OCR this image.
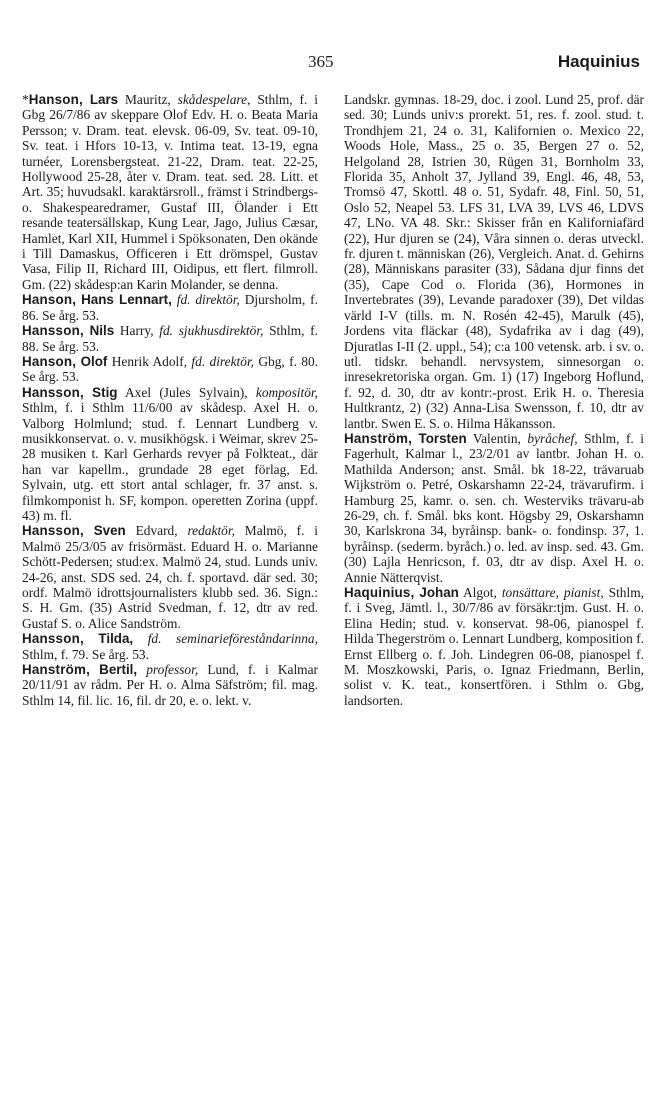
365	Haquinius

*Hanson, Lars Mauritz, skådespelare, Sthlm, f. i Gbg 26/7/86 av skeppare Olof Edv. H. o. Beata Maria Persson; v. Dram. teat. elevsk. 06-09, Sv. teat. 09-10, Sv. teat. i Hfors 10-13, v. Intima teat. 13-19, egna turnéer, Lorensbergsteat. 21-22, Dram. teat. 22-25, Hollywood 25-28, åter v. Dram. teat. sed. 28. Litt. et Art. 35; huvudsakl. karaktärsroll., främst i Strindbergs- o. Shakespearedramer, Gustaf III, Ölander i Ett resande teatersällskap, Kung Lear, Jago, Julius Cæsar, Hamlet, Karl XII, Hummel i Spöksonaten, Den okände i Till Damaskus, Officeren i Ett drömspel, Gustav Vasa, Filip II, Richard III, Oidipus, ett flert. filmroll. Gm. (22) skådesp:an Karin Molander, se denna.

Hanson, Hans Lennart, fd. direktör, Djursholm, f. 86. Se årg. 53.

Hansson, Nils Harry, fd. sjukhusdirektör, Sthlm, f. 88. Se årg. 53.

Hanson, Olof Henrik Adolf, fd. direktör, Gbg, f. 80. Se årg. 53.

Hansson, Stig Axel (Jules Sylvain), kompositör, Sthlm, f. i Sthlm 11/6/00 av skådesp. Axel H. o. Valborg Holmlund; stud. f. Lennart Lundberg v. musikkonservat. o. v. musikhögsk. i Weimar, skrev 25-28 musiken t. Karl Gerhards revyer på Folkteat., där han var kapellm., grundade 28 eget förlag, Ed. Sylvain, utg. ett stort antal schlager, fr. 37 anst. s. filmkomponist h. SF, kompon. operetten Zorina (uppf. 43) m. fl.

Hansson, Sven Edvard, redaktör, Malmö, f. i Malmö 25/3/05 av frisörmäst. Eduard H. o. Marianne Schött-Pedersen; stud:ex. Malmö 24, stud. Lunds univ. 24-26, anst. SDS sed. 24, ch. f. sportavd. där sed. 30; ordf. Malmö idrottsjournalisters klubb sed. 36. Sign.: S. H. Gm. (35) Astrid Svedman, f. 12, dtr av red. Gustaf S. o. Alice Sandström.

Hansson, Tilda, fd. seminarieföreståndarinna, Sthlm, f. 79. Se årg. 53.

Hanström, Bertil, professor, Lund, f. i Kalmar 20/11/91 av rådm. Per H. o. Alma Säfström; fil. mag. Sthlm 14, fil. lic. 16, fil. dr 20, e. o. lekt. v.

Landskr. gymnas. 18-29, doc. i zool. Lund 25, prof. där sed. 30; Lunds univ:s prorekt. 51, res. f. zool. stud. t. Trondhjem 21, 24 o. 31, Kalifornien o. Mexico 22, Woods Hole, Mass., 25 o. 35, Bergen 27 o. 52, Helgoland 28, Istrien 30, Rügen 31, Bornholm 33, Florida 35, Anholt 37, Jylland 39, Engl. 46, 48, 53, Tromsö 47, Skottl. 48 o. 51, Sydafr. 48, Finl. 50, 51, Oslo 52, Neapel 53. LFS 31, LVA 39, LVS 46, LDVS 47, LNo. VA 48. Skr.: Skisser från en Kaliforniafärd (22), Hur djuren se (24), Våra sinnen o. deras utveckl. fr. djuren t. människan (26), Vergleich. Anat. d. Gehirns (28), Människans parasiter (33), Sådana djur finns det (35), Cape Cod o. Florida (36), Hormones in Invertebrates (39), Levande paradoxer (39), Det vildas värld I-V (tills. m. N. Rosén 42-45), Marulk (45), Jordens vita fläckar (48), Sydafrika av i dag (49), Djuratlas I-II (2. uppl., 54); c:a 100 vetensk. arb. i sv. o. utl. tidskr. behandl. nervsystem, sinnesorgan o. inresekretoriska organ. Gm. 1) (17) Ingeborg Hoflund, f. 92, d. 30, dtr av kontr:-prost. Erik H. o. Theresia Hultkrantz, 2) (32) Anna-Lisa Swensson, f. 10, dtr av lantbr. Swen E. S. o. Hilma Håkansson.

Hanström, Torsten Valentin, byråchef, Sthlm, f. i Fagerhult, Kalmar l., 23/2/01 av lantbr. Johan H. o. Mathilda Anderson; anst. Smål. bk 18-22, trävaruab Wijkström o. Petré, Oskarshamn 22-24, trävarufirm. i Hamburg 25, kamr. o. sen. ch. Westerviks trävaru-ab 26-29, ch. f. Smål. bks kont. Högsby 29, Oskarshamn 30, Karlskrona 34, byråinsp. bank- o. fondinsp. 37, 1. byråinsp. (sederm. byråch.) o. led. av insp. sed. 43. Gm. (30) Lajla Henricson, f. 03, dtr av disp. Axel H. o. Annie Nätterqvist.

Haquinius, Johan Algot, tonsättare, pianist, Sthlm, f. i Sveg, Jämtl. l., 30/7/86 av försäkr:tjm. Gust. H. o. Elina Hedin; stud. v. konservat. 98-06, pianospel f. Hilda Thegerström o. Lennart Lundberg, komposition f. Ernst Ellberg o. f. Joh. Lindegren 06-08, pianospel f. M. Moszkowski, Paris, o. Ignaz Friedmann, Berlin, solist v. K. teat., konsertfören. i Sthlm o. Gbg, landsorten.
